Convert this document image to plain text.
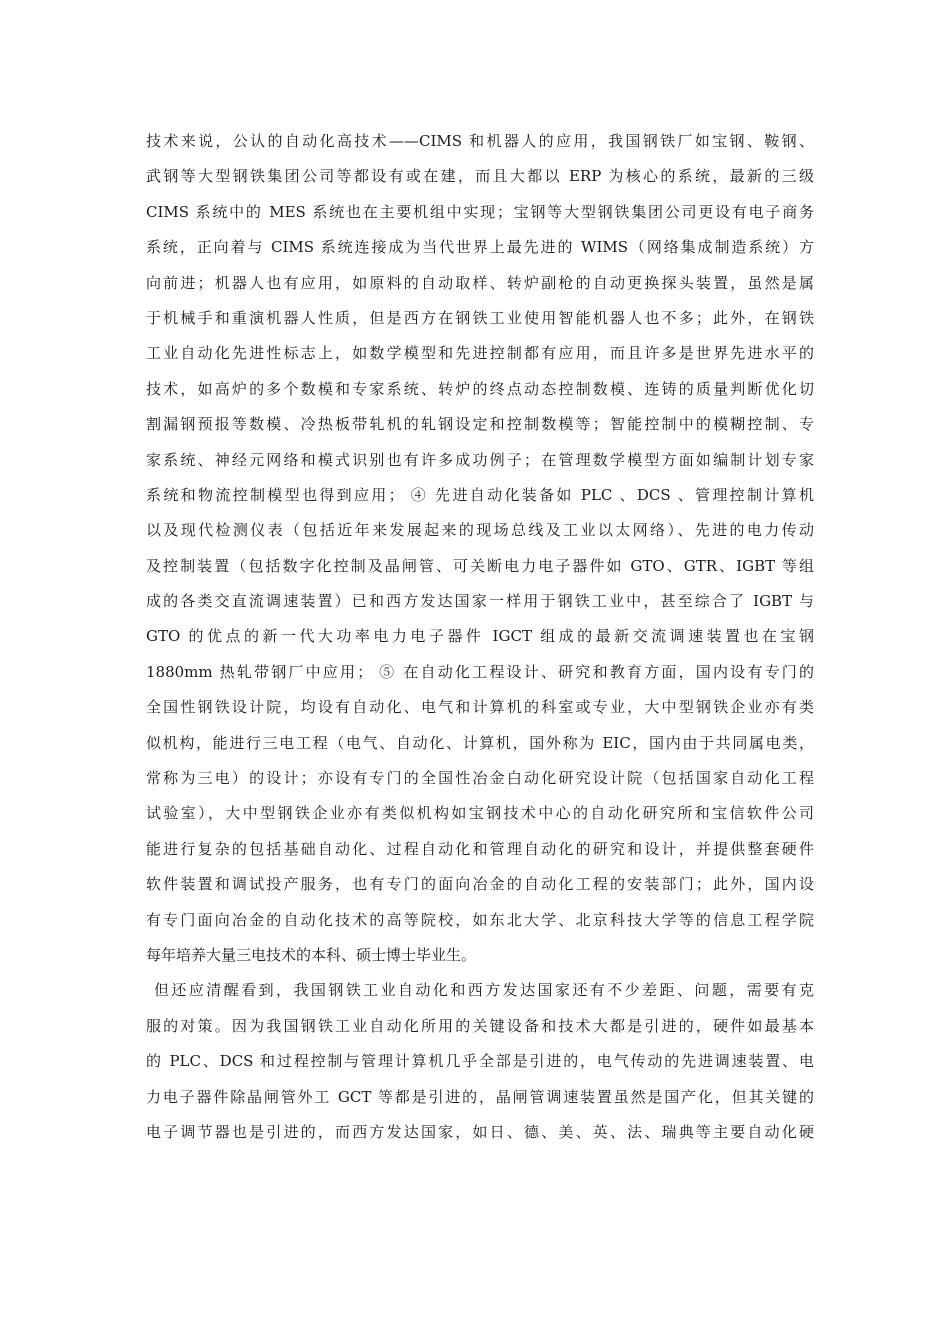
技术来说，公认的自动化高技术——CIMS 和机器人的应用，我国钢铁厂如宝钢、鞍钢、
武钢等大型钢铁集团公司等都设有或在建，而且大都以 ERP 为核心的系统，最新的三级
CIMS 系统中的 MES 系统也在主要机组中实现；宝钢等大型钢铁集团公司更设有电子商务
系统，正向着与 CIMS 系统连接成为当代世界上最先进的 WIMS（网络集成制造系统）方
向前进；机器人也有应用，如原料的自动取样、转炉副枪的自动更换探头装置，虽然是属
于机械手和重演机器人性质，但是西方在钢铁工业使用智能机器人也不多；此外，在钢铁
工业自动化先进性标志上，如数学模型和先进控制都有应用，而且许多是世界先进水平的
技术，如高炉的多个数模和专家系统、转炉的终点动态控制数模、连铸的质量判断优化切
割漏钢预报等数模、冷热板带轧机的轧钢设定和控制数模等；智能控制中的模糊控制、专
家系统、神经元网络和模式识别也有许多成功例子；在管理数学模型方面如编制计划专家
系统和物流控制模型也得到应用； ④ 先进自动化装备如 PLC 、DCS 、管理控制计算机
以及现代检测仪表（包括近年来发展起来的现场总线及工业以太网络）、先进的电力传动
及控制装置（包括数字化控制及晶闸管、可关断电力电子器件如 GTO、GTR、IGBT 等组
成的各类交直流调速装置）已和西方发达国家一样用于钢铁工业中，甚至综合了 IGBT 与
GTO 的优点的新一代大功率电力电子器件 IGCT 组成的最新交流调速装置也在宝钢
1880mm 热轧带钢厂中应用； ⑤ 在自动化工程设计、研究和教育方面，国内设有专门的
全国性钢铁设计院，均设有自动化、电气和计算机的科室或专业，大中型钢铁企业亦有类
似机构，能进行三电工程（电气、自动化、计算机，国外称为 EIC，国内由于共同属电类，
常称为三电）的设计；亦设有专门的全国性冶金白动化研究设计院（包括国家自动化工程
试验室），大中型钢铁企业亦有类似机构如宝钢技术中心的自动化研究所和宝信软件公司
能进行复杂的包括基础自动化、过程自动化和管理自动化的研究和设计，并提供整套硬件
软件装置和调试投产服务，也有专门的面向冶金的自动化工程的安装部门；此外，国内设
有专门面向冶金的自动化技术的高等院校，如东北大学、北京科技大学等的信息工程学院
每年培养大量三电技术的本科、硕士博士毕业生。
但还应清醒看到，我国钢铁工业自动化和西方发达国家还有不少差距、问题，需要有克
服的对策。因为我国钢铁工业自动化所用的关键设备和技术大都是引进的，硬件如最基本
的 PLC、DCS 和过程控制与管理计算机几乎全部是引进的，电气传动的先进调速装置、电
力电子器件除晶闸管外工 GCT 等都是引进的，晶闸管调速装置虽然是国产化，但其关键的
电子调节器也是引进的，而西方发达国家，如日、德、美、英、法、瑞典等主要自动化硬
